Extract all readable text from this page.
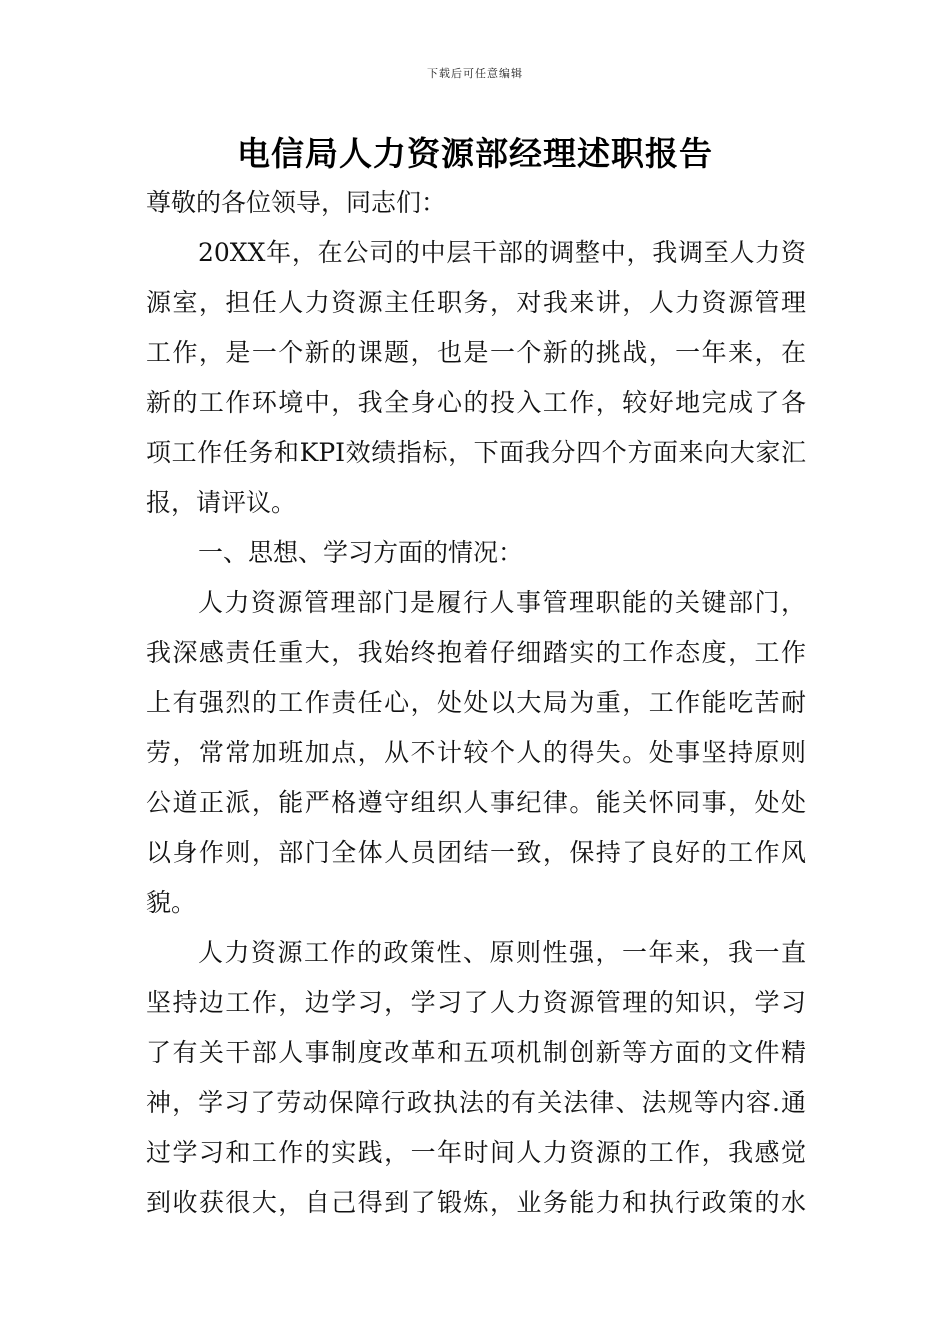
下载后可任意编辑
电信局人力资源部经理述职报告
尊敬的各位领导，同志们：
20XX年，在公司的中层干部的调整中，我调至人力资
源室，担任人力资源主任职务，对我来讲，人力资源管理
工作，是一个新的课题，也是一个新的挑战，一年来，在
新的工作环境中，我全身心的投入工作，较好地完成了各
项工作任务和KPI效绩指标，下面我分四个方面来向大家汇
报，请评议。
一、思想、学习方面的情况：
人力资源管理部门是履行人事管理职能的关键部门，
我深感责任重大，我始终抱着仔细踏实的工作态度，工作
上有强烈的工作责任心，处处以大局为重，工作能吃苦耐
劳，常常加班加点，从不计较个人的得失。处事坚持原则
公道正派，能严格遵守组织人事纪律。能关怀同事，处处
以身作则，部门全体人员团结一致，保持了良好的工作风
貌。
人力资源工作的政策性、原则性强，一年来，我一直
坚持边工作，边学习，学习了人力资源管理的知识，学习
了有关干部人事制度改革和五项机制创新等方面的文件精
神，学习了劳动保障行政执法的有关法律、法规等内容.通
过学习和工作的实践，一年时间人力资源的工作，我感觉
到收获很大，自己得到了锻炼，业务能力和执行政策的水
